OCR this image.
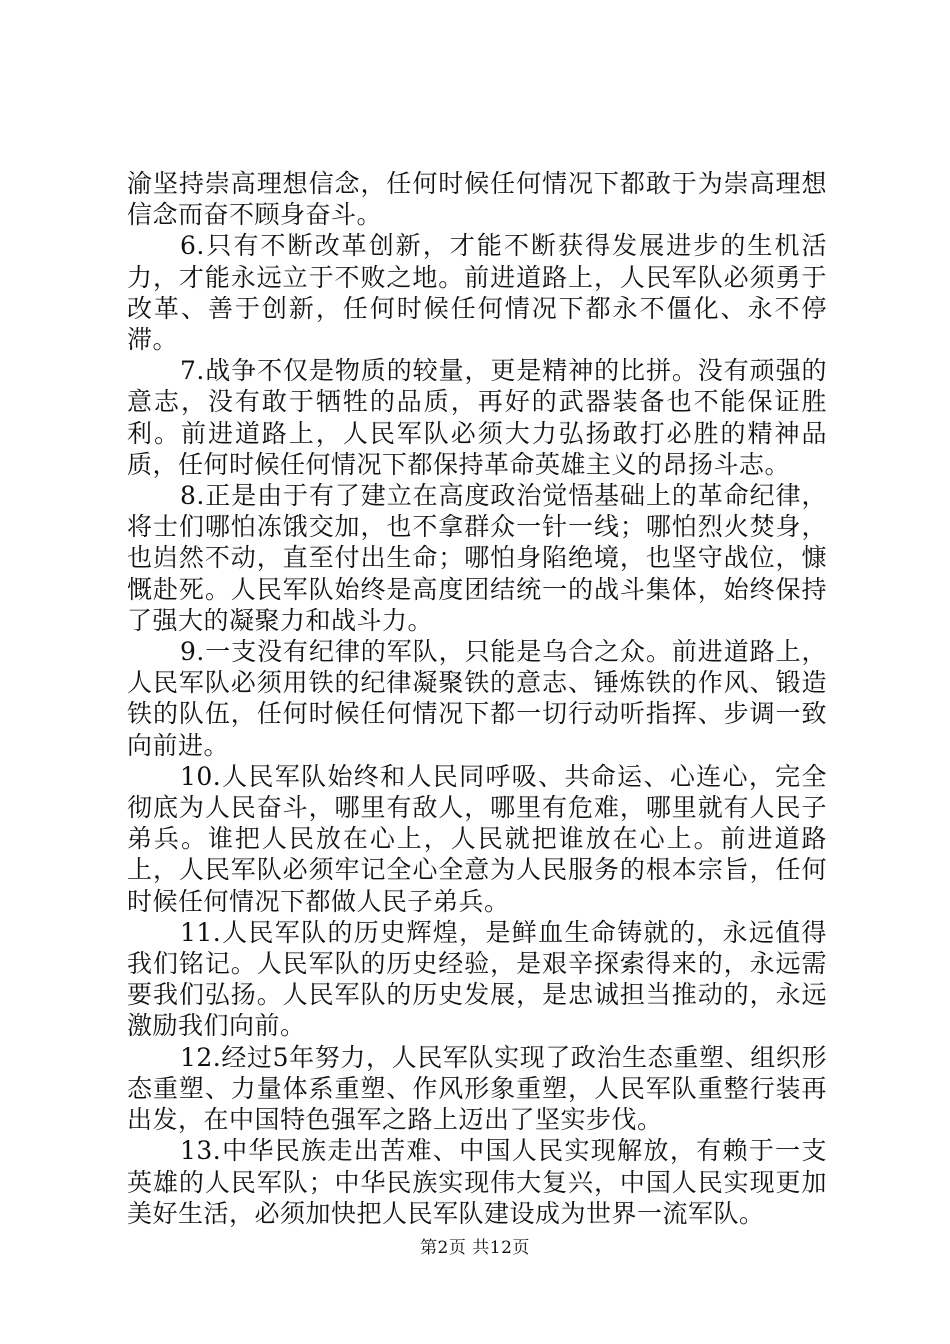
渝坚持崇高理想信念，任何时候任何情况下都敢于为崇高理想信念而奋不顾身奋斗。

6.只有不断改革创新，才能不断获得发展进步的生机活力，才能永远立于不败之地。前进道路上，人民军队必须勇于改革、善于创新，任何时候任何情况下都永不僵化、永不停滞。

7.战争不仅是物质的较量，更是精神的比拼。没有顽强的意志，没有敢于牺牲的品质，再好的武器装备也不能保证胜利。前进道路上，人民军队必须大力弘扬敢打必胜的精神品质，任何时候任何情况下都保持革命英雄主义的昂扬斗志。

8.正是由于有了建立在高度政治觉悟基础上的革命纪律，将士们哪怕冻饿交加，也不拿群众一针一线；哪怕烈火焚身，也岿然不动，直至付出生命；哪怕身陷绝境，也坚守战位，慷慨赴死。人民军队始终是高度团结统一的战斗集体，始终保持了强大的凝聚力和战斗力。

9.一支没有纪律的军队，只能是乌合之众。前进道路上，人民军队必须用铁的纪律凝聚铁的意志、锤炼铁的作风、锻造铁的队伍，任何时候任何情况下都一切行动听指挥、步调一致向前进。

10.人民军队始终和人民同呼吸、共命运、心连心，完全彻底为人民奋斗，哪里有敌人，哪里有危难，哪里就有人民子弟兵。谁把人民放在心上，人民就把谁放在心上。前进道路上，人民军队必须牢记全心全意为人民服务的根本宗旨，任何时候任何情况下都做人民子弟兵。

11.人民军队的历史辉煌，是鲜血生命铸就的，永远值得我们铭记。人民军队的历史经验，是艰辛探索得来的，永远需要我们弘扬。人民军队的历史发展，是忠诚担当推动的，永远激励我们向前。

12.经过5年努力，人民军队实现了政治生态重塑、组织形态重塑、力量体系重塑、作风形象重塑，人民军队重整行装再出发，在中国特色强军之路上迈出了坚实步伐。

13.中华民族走出苦难、中国人民实现解放，有赖于一支英雄的人民军队；中华民族实现伟大复兴，中国人民实现更加美好生活，必须加快把人民军队建设成为世界一流军队。

第2页 共12页
